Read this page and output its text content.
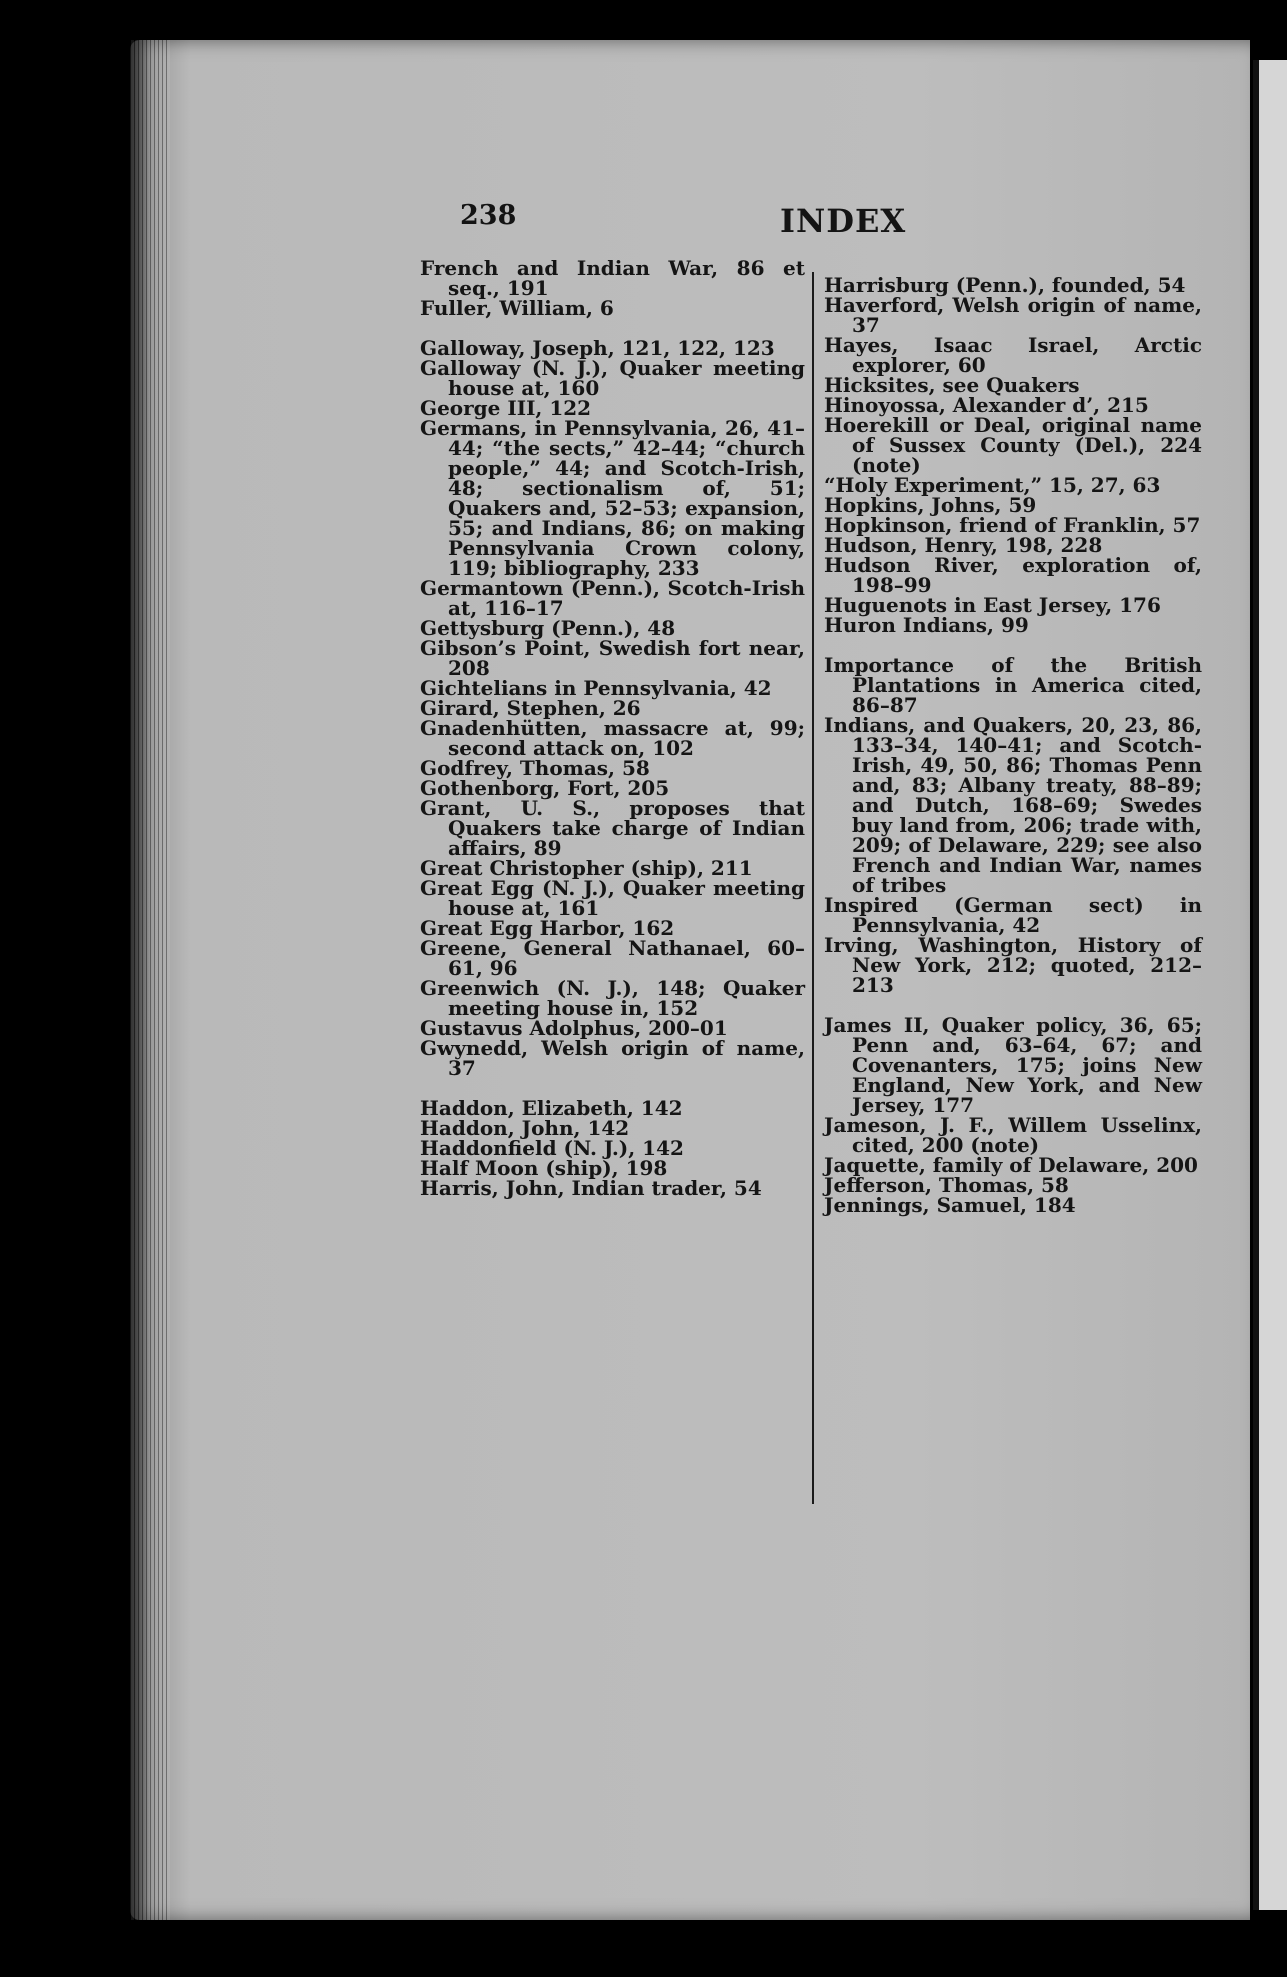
238	INDEX
French and Indian War, 86 et seq., 191
Fuller, William, 6
Galloway, Joseph, 121, 122, 123
Galloway (N. J.), Quaker meeting house at, 160
George III, 122
Germans, in Pennsylvania, 26, 41–44; “the sects,” 42–44; “church people,” 44; and Scotch-Irish, 48; sectionalism of, 51; Quakers and, 52–53; expansion, 55; and Indians, 86; on making Pennsylvania Crown colony, 119; bibliography, 233
Germantown (Penn.), Scotch-Irish at, 116–17
Gettysburg (Penn.), 48
Gibson’s Point, Swedish fort near, 208
Gichtelians in Pennsylvania, 42
Girard, Stephen, 26
Gnadenhütten, massacre at, 99; second attack on, 102
Godfrey, Thomas, 58
Gothenborg, Fort, 205
Grant, U. S., proposes that Quakers take charge of Indian affairs, 89
Great Christopher (ship), 211
Great Egg (N. J.), Quaker meeting house at, 161
Great Egg Harbor, 162
Greene, General Nathanael, 60–61, 96
Greenwich (N. J.), 148; Quaker meeting house in, 152
Gustavus Adolphus, 200–01
Gwynedd, Welsh origin of name, 37
Haddon, Elizabeth, 142
Haddon, John, 142
Haddonfield (N. J.), 142
Half Moon (ship), 198
Harris, John, Indian trader, 54
Harrisburg (Penn.), founded, 54
Haverford, Welsh origin of name, 37
Hayes, Isaac Israel, Arctic explorer, 60
Hicksites, see Quakers
Hinoyossa, Alexander d’, 215
Hoerekill or Deal, original name of Sussex County (Del.), 224 (note)
“Holy Experiment,” 15, 27, 63
Hopkins, Johns, 59
Hopkinson, friend of Franklin, 57
Hudson, Henry, 198, 228
Hudson River, exploration of, 198–99
Huguenots in East Jersey, 176
Huron Indians, 99
Importance of the British Plantations in America cited, 86–87
Indians, and Quakers, 20, 23, 86, 133–34, 140–41; and Scotch-Irish, 49, 50, 86; Thomas Penn and, 83; Albany treaty, 88–89; and Dutch, 168–69; Swedes buy land from, 206; trade with, 209; of Delaware, 229; see also French and Indian War, names of tribes
Inspired (German sect) in Pennsylvania, 42
Irving, Washington, History of New York, 212; quoted, 212–213
James II, Quaker policy, 36, 65; Penn and, 63–64, 67; and Covenanters, 175; joins New England, New York, and New Jersey, 177
Jameson, J. F., Willem Usselinx, cited, 200 (note)
Jaquette, family of Delaware, 200
Jefferson, Thomas, 58
Jennings, Samuel, 184
